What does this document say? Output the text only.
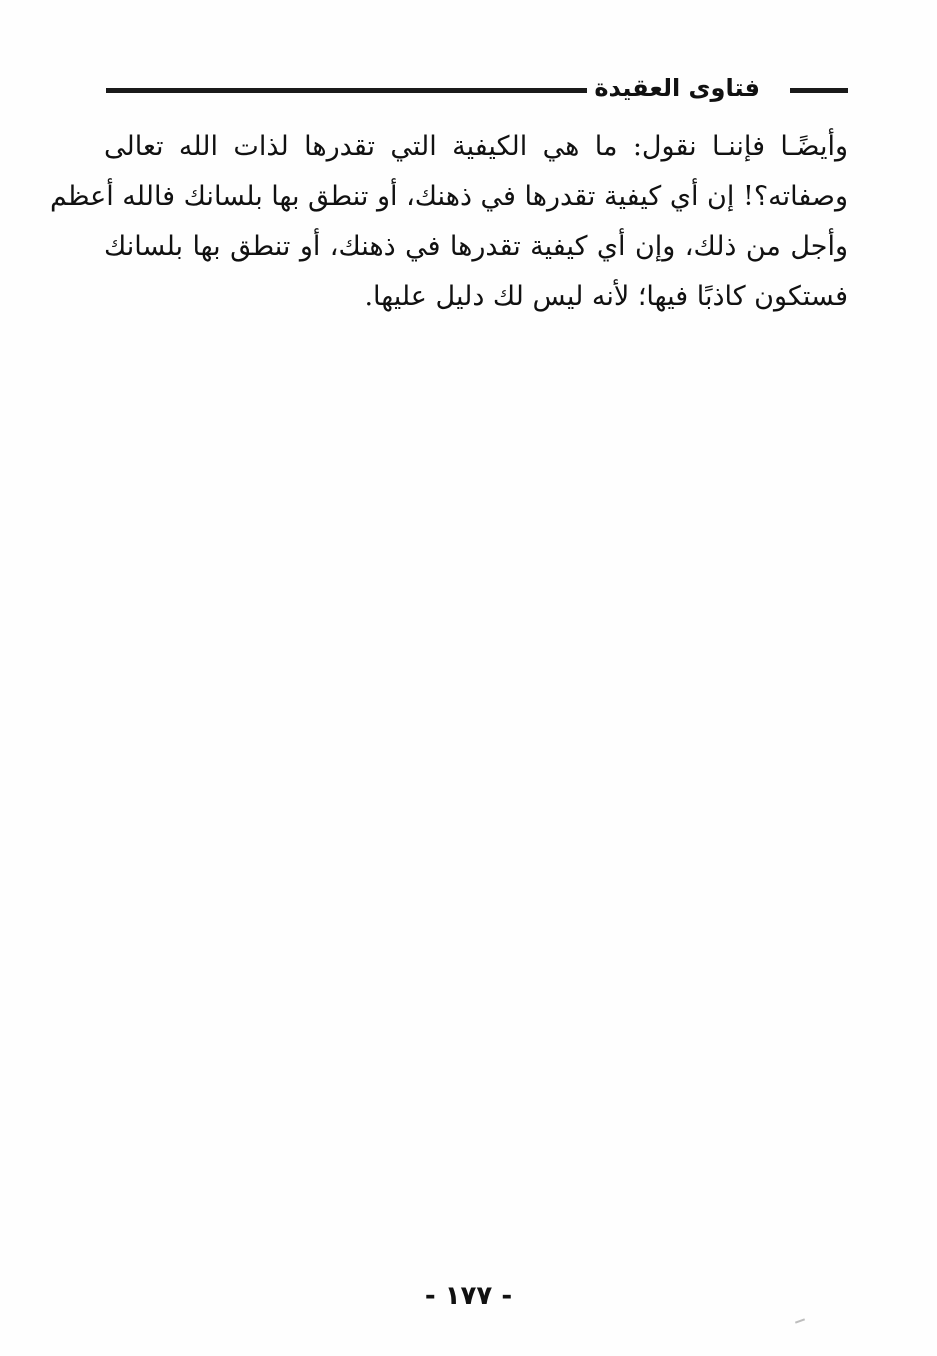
فتاوى العقيدة
وأيضًـا فإننـا نقول: ما هي الكيفية التي تقدرها لذات الله تعالى
وصفاته؟! إن أي كيفية تقدرها في ذهنك، أو تنطق بها بلسانك فالله أعظم
وأجل من ذلك، وإن أي كيفية تقدرها في ذهنك، أو تنطق بها بلسانك
فستكون كاذبًا فيها؛ لأنه ليس لك دليل عليها.
- ١٧٧ -
